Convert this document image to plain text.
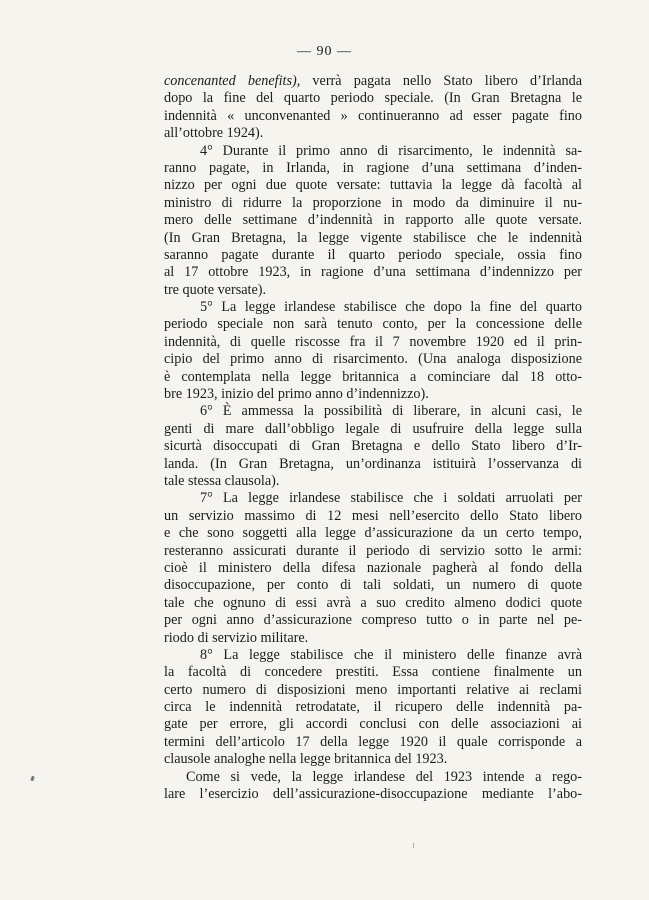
— 90 —
concenanted benefits), verrà pagata nello Stato libero d’Irlanda
dopo la fine del quarto periodo speciale. (In Gran Bretagna le
indennità « unconvenanted » continueranno ad esser pagate fino
all’ottobre 1924).
4° Durante il primo anno di risarcimento, le indennità sa-
ranno pagate, in Irlanda, in ragione d’una settimana d’inden-
nizzo per ogni due quote versate: tuttavia la legge dà facoltà al
ministro di ridurre la proporzione in modo da diminuire il nu-
mero delle settimane d’indennità in rapporto alle quote versate.
(In Gran Bretagna, la legge vigente stabilisce che le indennità
saranno pagate durante il quarto periodo speciale, ossia fino
al 17 ottobre 1923, in ragione d’una settimana d’indennizzo per
tre quote versate).
5° La legge irlandese stabilisce che dopo la fine del quarto
periodo speciale non sarà tenuto conto, per la concessione delle
indennità, di quelle riscosse fra il 7 novembre 1920 ed il prin-
cipio del primo anno di risarcimento. (Una analoga disposizione
è contemplata nella legge britannica a cominciare dal 18 otto-
bre 1923, inizio del primo anno d’indennizzo).
6° È ammessa la possibilità di liberare, in alcuni casi, le
genti di mare dall’obbligo legale di usufruire della legge sulla
sicurtà disoccupati di Gran Bretagna e dello Stato libero d’Ir-
landa. (In Gran Bretagna, un’ordinanza istituirà l’osservanza di
tale stessa clausola).
7° La legge irlandese stabilisce che i soldati arruolati per
un servizio massimo di 12 mesi nell’esercito dello Stato libero
e che sono soggetti alla legge d’assicurazione da un certo tempo,
resteranno assicurati durante il periodo di servizio sotto le armi:
cioè il ministero della difesa nazionale pagherà al fondo della
disoccupazione, per conto di tali soldati, un numero di quote
tale che ognuno di essi avrà a suo credito almeno dodici quote
per ogni anno d’assicurazione compreso tutto o in parte nel pe-
riodo di servizio militare.
8° La legge stabilisce che il ministero delle finanze avrà
la facoltà di concedere prestiti. Essa contiene finalmente un
certo numero di disposizioni meno importanti relative ai reclami
circa le indennità retrodatate, il ricupero delle indennità pa-
gate per errore, gli accordi conclusi con delle associazioni ai
termini dell’articolo 17 della legge 1920 il quale corrisponde a
clausole analoghe nella legge britannica del 1923.
Come si vede, la legge irlandese del 1923 intende a rego-
lare l’esercizio dell’assicurazione-disoccupazione mediante l’abo-
